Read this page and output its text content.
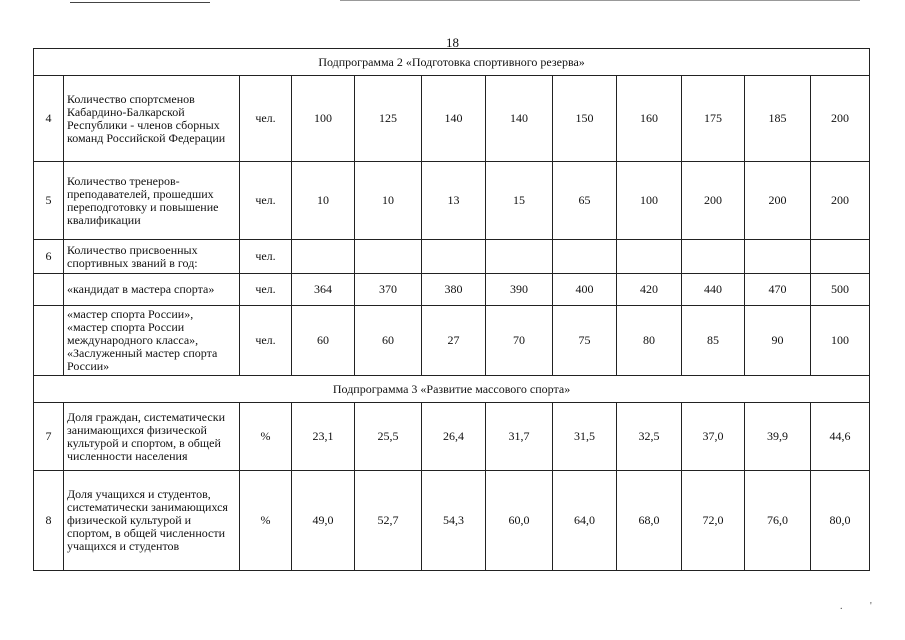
18
Подпрограмма 2 «Подготовка спортивного резерва»											
4	Количество спортсменов Кабардино-Балкарской Республики - членов сборных команд Российской Федерации	чел.	100	125	140	140	150	160	175	185	200
5	Количество тренеров-преподавателей, прошедших переподготовку и повышение квалификации	чел.	10	10	13	15	65	100	200	200	200
6	Количество присвоенных спортивных званий в год:	чел.									
	«кандидат в мастера спорта»	чел.	364	370	380	390	400	420	440	470	500
	«мастер спорта России», «мастер спорта России международного класса», «Заслуженный мастер спорта России»	чел.	60	60	27	70	75	80	85	90	100
Подпрограмма 3 «Развитие массового спорта»											
7	Доля граждан, систематически занимающихся физической культурой и спортом, в общей численности населения	%	23,1	25,5	26,4	31,7	31,5	32,5	37,0	39,9	44,6
8	Доля учащихся и студентов, систематически занимающихся физической культурой и спортом, в общей численности учащихся и студентов	%	49,0	52,7	54,3	60,0	64,0	68,0	72,0	76,0	80,0
.           '
